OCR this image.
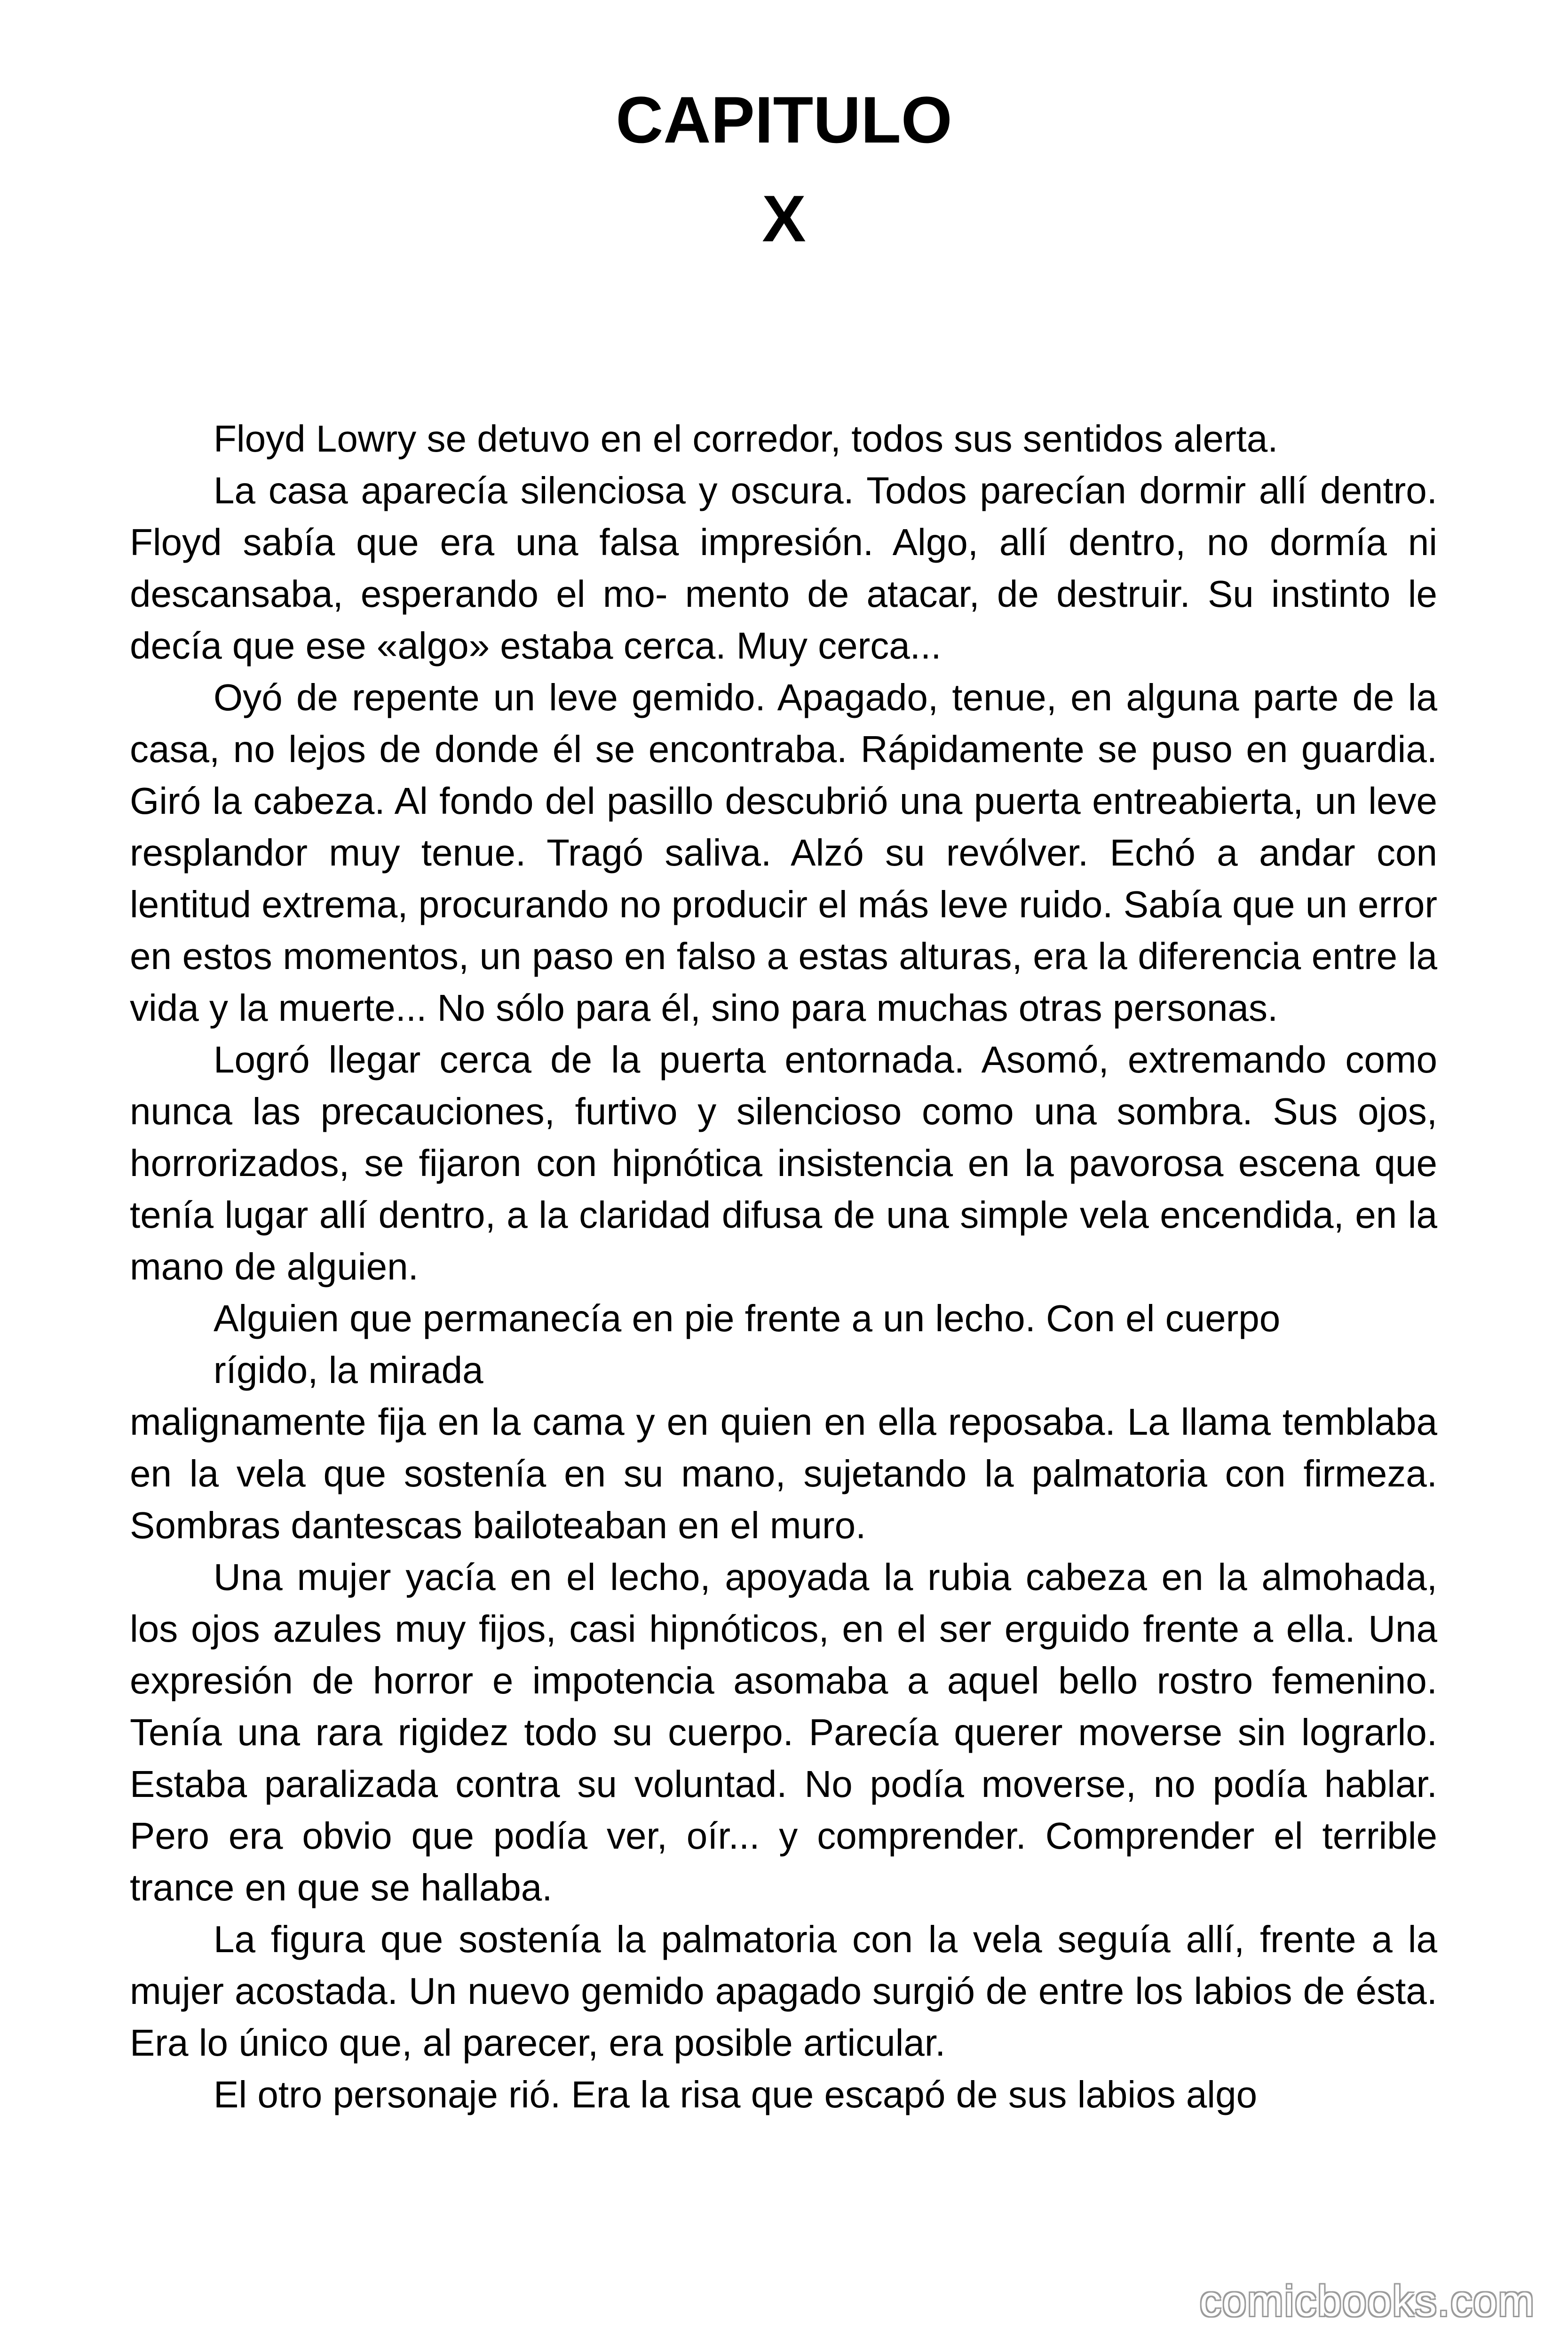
CAPITULO
X

Floyd Lowry se detuvo en el corredor, todos sus sentidos alerta.

La casa aparecía silenciosa y oscura. Todos parecían dormir allí dentro. Floyd sabía que era una falsa impresión. Algo, allí dentro, no dormía ni descansaba, esperando el mo- mento de atacar, de destruir. Su instinto le decía que ese «algo» estaba cerca. Muy cerca...

Oyó de repente un leve gemido. Apagado, tenue, en alguna parte de la casa, no lejos de donde él se encontraba. Rápidamente se puso en guardia. Giró la cabeza. Al fondo del pasillo descubrió una puerta entreabierta, un leve resplandor muy tenue. Tragó saliva. Alzó su revólver. Echó a andar con lentitud extrema, procurando no producir el más leve ruido. Sabía que un error en estos momentos, un paso en falso a estas alturas, era la diferencia entre la vida y la muerte... No sólo para él, sino para muchas otras personas.

Logró llegar cerca de la puerta entornada. Asomó, extremando como nunca las precauciones, furtivo y silencioso como una sombra. Sus ojos, horrorizados, se fijaron con hipnótica insistencia en la pavorosa escena que tenía lugar allí dentro, a la claridad difusa de una simple vela encendida, en la mano de alguien.

Alguien que permanecía en pie frente a un lecho. Con el cuerpo

rígido, la mirada

malignamente fija en la cama y en quien en ella reposaba. La llama temblaba en la vela que sostenía en su mano, sujetando la palmatoria con firmeza. Sombras dantescas bailoteaban en el muro.

Una mujer yacía en el lecho, apoyada la rubia cabeza en la almohada, los ojos azules muy fijos, casi hipnóticos, en el ser erguido frente a ella. Una expresión de horror e impotencia asomaba a aquel bello rostro femenino. Tenía una rara rigidez todo su cuerpo. Parecía querer moverse sin lograrlo. Estaba paralizada contra su voluntad. No podía moverse, no podía hablar. Pero era obvio que podía ver, oír... y comprender. Comprender el terrible trance en que se hallaba.

La figura que sostenía la palmatoria con la vela seguía allí, frente a la mujer acostada. Un nuevo gemido apagado surgió de entre los labios de ésta. Era lo único que, al parecer, era posible articular.

El otro personaje rió. Era la risa que escapó de sus labios algo

comicbooks.com
